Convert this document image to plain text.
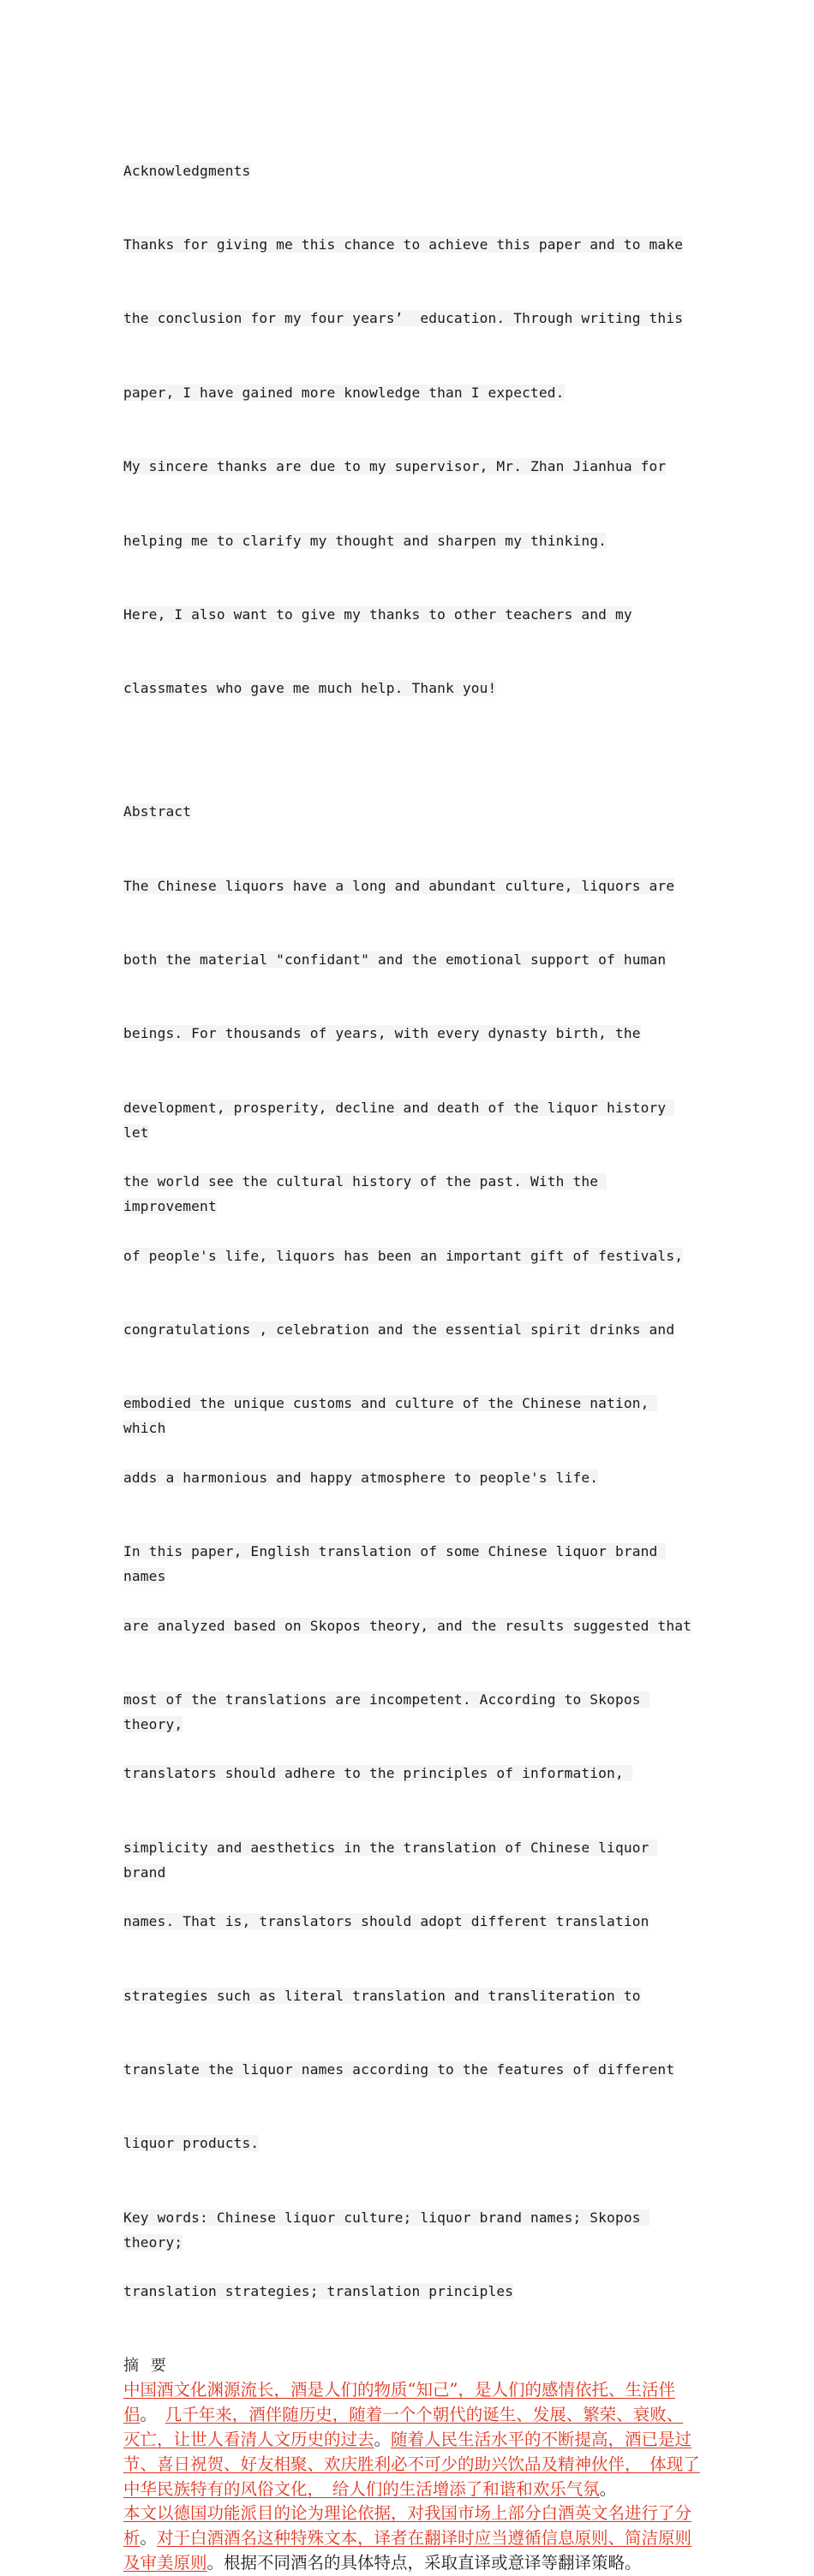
Acknowledgments

Thanks for giving me this chance to achieve this paper and to make

the conclusion for my four years’  education. Through writing this

paper, I have gained more knowledge than I expected.

My sincere thanks are due to my supervisor, Mr. Zhan Jianhua for

helping me to clarify my thought and sharpen my thinking.

Here, I also want to give my thanks to other teachers and my

classmates who gave me much help. Thank you!

Abstract

The Chinese liquors have a long and abundant culture, liquors are

both the material "confidant" and the emotional support of human

beings. For thousands of years, with every dynasty birth, the

development, prosperity, decline and death of the liquor history let

the world see the cultural history of the past. With the improvement

of people's life, liquors has been an important gift of festivals,

congratulations , celebration and the essential spirit drinks and

embodied the unique customs and culture of the Chinese nation, which

adds a harmonious and happy atmosphere to people's life.

In this paper, English translation of some Chinese liquor brand names

are analyzed based on Skopos theory, and the results suggested that

most of the translations are incompetent. According to Skopos theory,

translators should adhere to the principles of information,

simplicity and aesthetics in the translation of Chinese liquor brand

names. That is, translators should adopt different translation

strategies such as literal translation and transliteration to

translate the liquor names according to the features of different

liquor products.

Key words: Chinese liquor culture; liquor brand names; Skopos theory;

translation strategies; translation principles

摘 要
中国酒文化渊源流长，酒是人们的物质“知己”，是人们的感情依托、生活伴
侣。　几千年来，酒伴随历史，随着一个个朝代的诞生、发展、繁荣、衰败、
灭亡，让世人看清人文历史的过去。随着人民生活水平的不断提高，酒已是过
节、喜日祝贺、好友相聚、欢庆胜利必不可少的助兴饮品及精神伙伴，　体现了
中华民族特有的风俗文化，　给人们的生活增添了和谐和欢乐气氛。
本文以德国功能派目的论为理论依据，对我国市场上部分白酒英文名进行了分
析。对于白酒酒名这种特殊文本，译者在翻译时应当遵循信息原则、简洁原则
及审美原则。根据不同酒名的具体特点，采取直译或意译等翻译策略。
